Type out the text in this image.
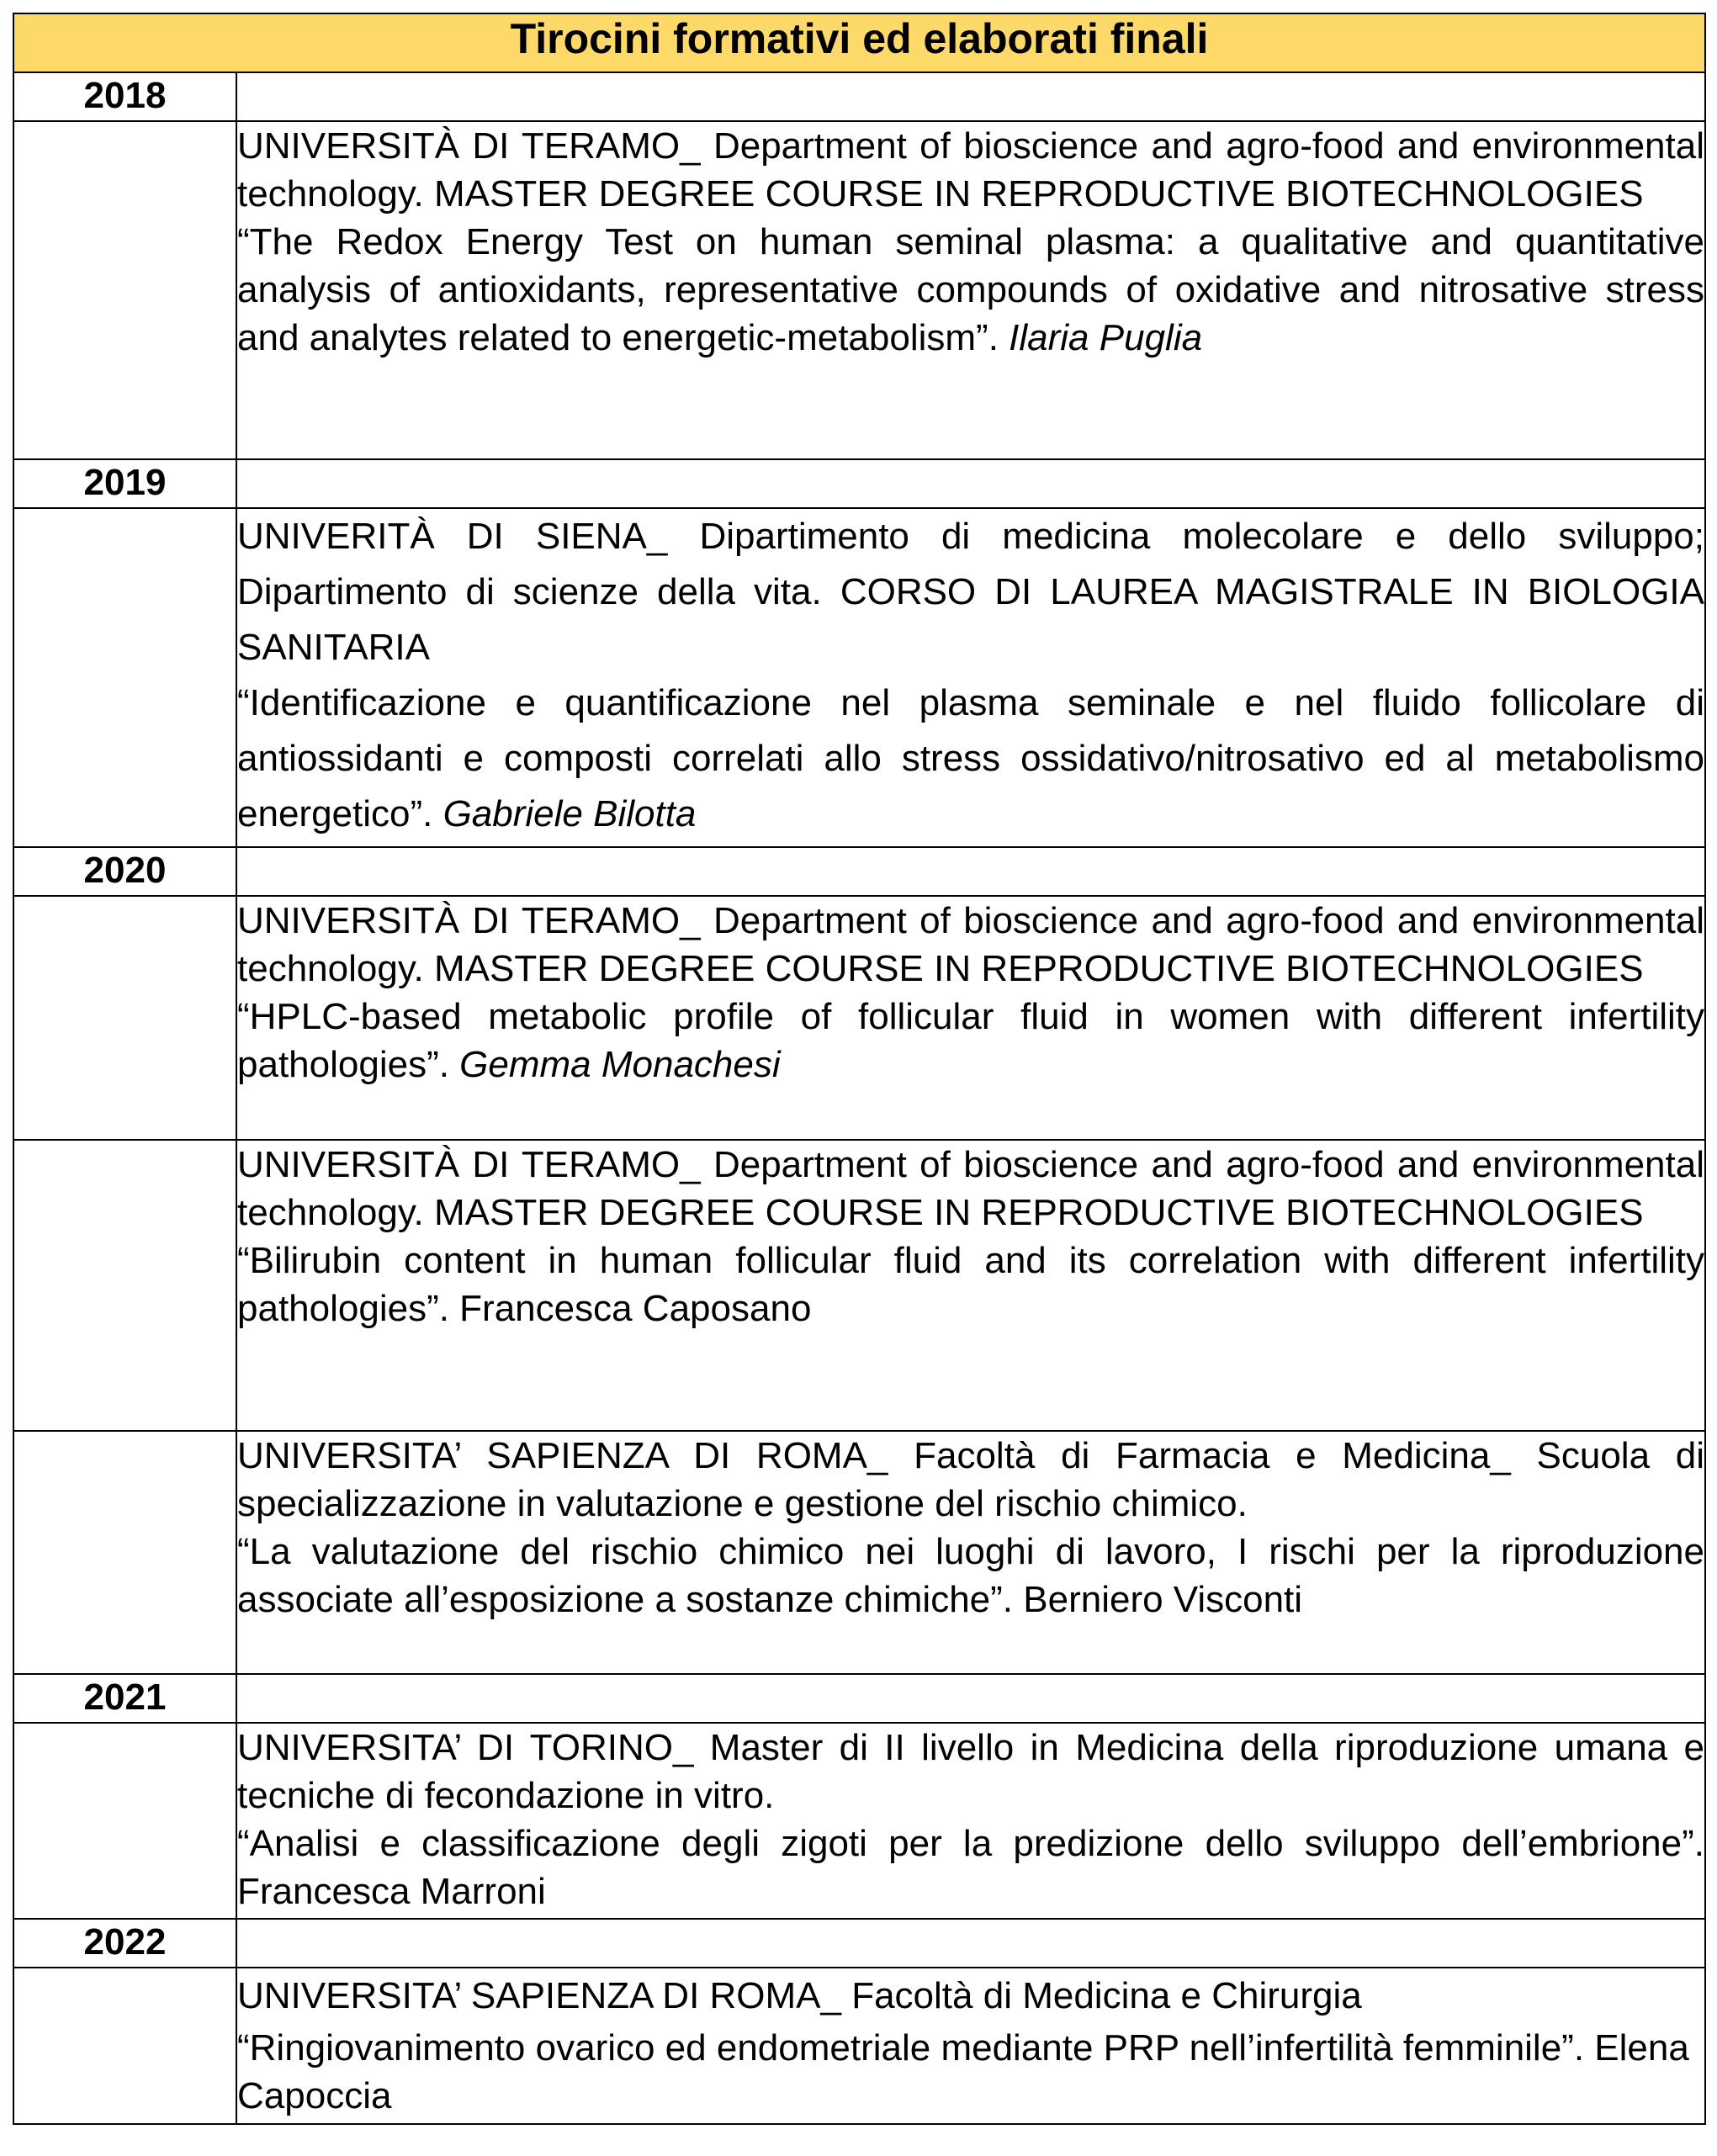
Tirocini formativi ed elaborati finali	
2018	

	UNIVERSITÀ DI TERAMO_ Department of bioscience and agro-food and environmental technology. MASTER DEGREE COURSE IN REPRODUCTIVE BIOTECHNOLOGIES
“The Redox Energy Test on human seminal plasma: a qualitative and quantitative analysis of antioxidants, representative compounds of oxidative and nitrosative stress and analytes related to energetic-metabolism”. Ilaria Puglia

2019	

	UNIVERITÀ DI SIENA_ Dipartimento di medicina molecolare e dello sviluppo; Dipartimento di scienze della vita. CORSO DI LAUREA MAGISTRALE IN BIOLOGIA SANITARIA
“Identificazione e quantificazione nel plasma seminale e nel fluido follicolare di antiossidanti e composti correlati allo stress ossidativo/nitrosativo ed al metabolismo energetico”. Gabriele Bilotta

2020	

	UNIVERSITÀ DI TERAMO_ Department of bioscience and agro-food and environmental technology. MASTER DEGREE COURSE IN REPRODUCTIVE BIOTECHNOLOGIES
“HPLC-based metabolic profile of follicular fluid in women with different infertility pathologies”. Gemma Monachesi

	UNIVERSITÀ DI TERAMO_ Department of bioscience and agro-food and environmental technology. MASTER DEGREE COURSE IN REPRODUCTIVE BIOTECHNOLOGIES
“Bilirubin content in human follicular fluid and its correlation with different infertility pathologies”. Francesca Caposano

	UNIVERSITA’ SAPIENZA DI ROMA_ Facoltà di Farmacia e Medicina_ Scuola di specializzazione in valutazione e gestione del rischio chimico.
“La valutazione del rischio chimico nei luoghi di lavoro, I rischi per la riproduzione associate all’esposizione a sostanze chimiche”. Berniero Visconti

2021	

	UNIVERSITA’ DI TORINO_ Master di II livello in Medicina della riproduzione umana e tecniche di fecondazione in vitro.
“Analisi e classificazione degli zigoti per la predizione dello sviluppo dell’embrione”. Francesca Marroni

2022	

	UNIVERSITA’ SAPIENZA DI ROMA_ Facoltà di Medicina e Chirurgia
“Ringiovanimento ovarico ed endometriale mediante PRP nell’infertilità femminile”. Elena Capoccia
